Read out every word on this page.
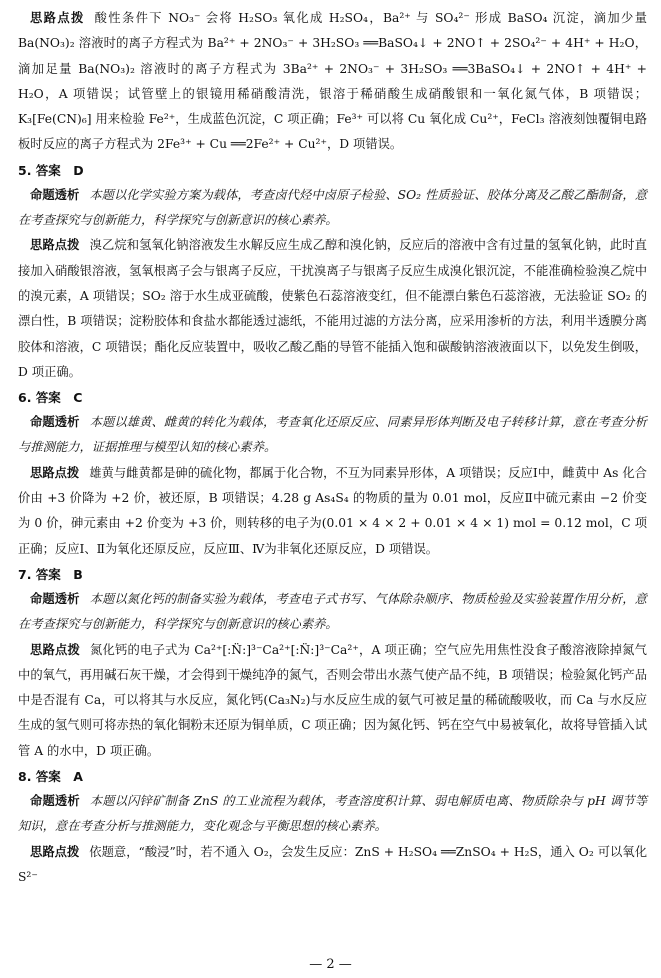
思路点拨 酸性条件下 NO₃⁻ 会将 H₂SO₃ 氧化成 H₂SO₄，Ba²⁺ 与 SO₄²⁻ 形成 BaSO₄ 沉淀，滴加少量 Ba(NO₃)₂ 溶液时的离子方程式为 Ba²⁺ + 2NO₃⁻ + 3H₂SO₃ ══BaSO₄↓ + 2NO↑ + 2SO₄²⁻ + 4H⁺ + H₂O，滴加足量 Ba(NO₃)₂ 溶液时的离子方程式为 3Ba²⁺ + 2NO₃⁻ + 3H₂SO₃ ══3BaSO₄↓ + 2NO↑ + 4H⁺ + H₂O，A 项错误；试管壁上的银镜用稀硝酸清洗，银溶于稀硝酸生成硝酸银和一氧化氮气体，B 项错误；K₃[Fe(CN)₆] 用来检验 Fe²⁺，生成蓝色沉淀，C 项正确；Fe³⁺ 可以将 Cu 氧化成 Cu²⁺，FeCl₃ 溶液刻蚀覆铜电路板时反应的离子方程式为 2Fe³⁺ + Cu ══2Fe²⁺ + Cu²⁺，D 项错误。

5. 答案　D

命题透析 本题以化学实验方案为载体，考查卤代烃中卤原子检验、SO₂ 性质验证、胶体分离及乙酸乙酯制备，意在考查探究与创新能力，科学探究与创新意识的核心素养。

思路点拨 溴乙烷和氢氧化钠溶液发生水解反应生成乙醇和溴化钠，反应后的溶液中含有过量的氢氧化钠，此时直接加入硝酸银溶液，氢氧根离子会与银离子反应，干扰溴离子与银离子反应生成溴化银沉淀，不能准确检验溴乙烷中的溴元素，A 项错误；SO₂ 溶于水生成亚硫酸，使紫色石蕊溶液变红，但不能漂白紫色石蕊溶液，无法验证 SO₂ 的漂白性，B 项错误；淀粉胶体和食盐水都能透过滤纸，不能用过滤的方法分离，应采用渗析的方法，利用半透膜分离胶体和溶液，C 项错误；酯化反应装置中，吸收乙酸乙酯的导管不能插入饱和碳酸钠溶液液面以下，以免发生倒吸，D 项正确。

6. 答案　C

命题透析 本题以雄黄、雌黄的转化为载体，考查氧化还原反应、同素异形体判断及电子转移计算，意在考查分析与推测能力，证据推理与模型认知的核心素养。

思路点拨 雄黄与雌黄都是砷的硫化物，都属于化合物，不互为同素异形体，A 项错误；反应Ⅰ中，雌黄中 As 化合价由 +3 价降为 +2 价，被还原，B 项错误；4.28 g As₄S₄ 的物质的量为 0.01 mol，反应Ⅱ中硫元素由 −2 价变为 0 价，砷元素由 +2 价变为 +3 价，则转移的电子为(0.01 × 4 × 2 + 0.01 × 4 × 1) mol = 0.12 mol，C 项正确；反应Ⅰ、Ⅱ为氧化还原反应，反应Ⅲ、Ⅳ为非氧化还原反应，D 项错误。

7. 答案　B

命题透析 本题以氮化钙的制备实验为载体，考查电子式书写、气体除杂顺序、物质检验及实验装置作用分析，意在考查探究与创新能力，科学探究与创新意识的核心素养。

思路点拨 氮化钙的电子式为 Ca²⁺[:N̈:]³⁻Ca²⁺[:N̈:]³⁻Ca²⁺，A 项正确；空气应先用焦性没食子酸溶液除掉氮气中的氧气，再用碱石灰干燥，才会得到干燥纯净的氮气，否则会带出水蒸气使产品不纯，B 项错误；检验氮化钙产品中是否混有 Ca，可以将其与水反应，氮化钙(Ca₃N₂)与水反应生成的氨气可被足量的稀硫酸吸收，而 Ca 与水反应生成的氢气则可将赤热的氧化铜粉末还原为铜单质，C 项正确；因为氮化钙、钙在空气中易被氧化，故将导管插入试管 A 的水中，D 项正确。

8. 答案　A

命题透析 本题以闪锌矿制备 ZnS 的工业流程为载体，考查溶度积计算、弱电解质电离、物质除杂与 pH 调节等知识，意在考查分析与推测能力，变化观念与平衡思想的核心素养。

思路点拨 依题意，“酸浸”时，若不通入 O₂，会发生反应：ZnS + H₂SO₄ ══ZnSO₄ + H₂S，通入 O₂ 可以氧化 S²⁻

— 2 —
